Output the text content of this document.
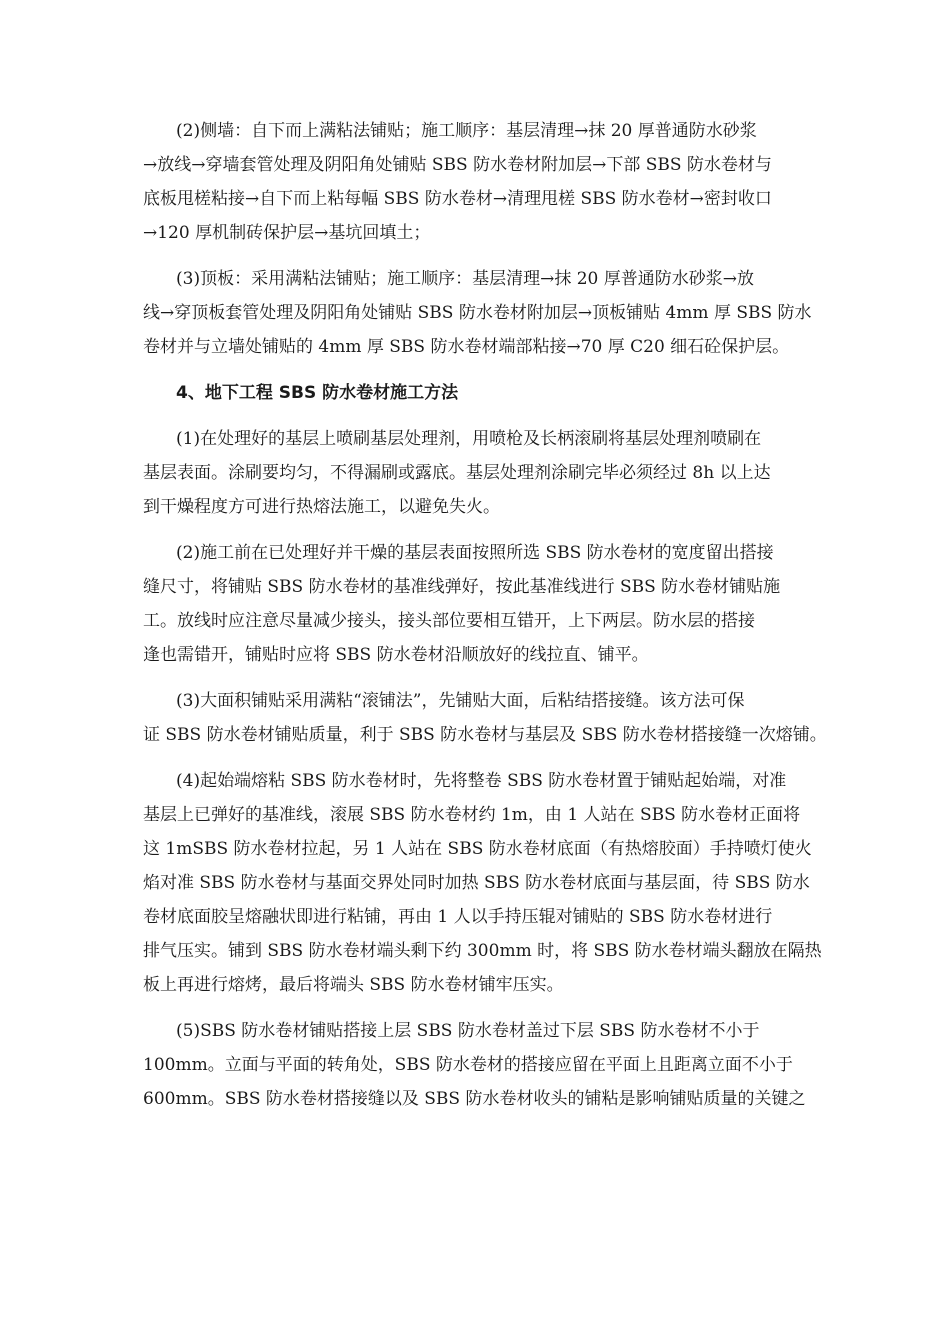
(2)侧墙：自下而上满粘法铺贴；施工顺序：基层清理→抹 20 厚普通防水砂浆
→放线→穿墙套管处理及阴阳角处铺贴 SBS 防水卷材附加层→下部 SBS 防水卷材与
底板甩槎粘接→自下而上粘每幅 SBS 防水卷材→清理甩槎 SBS 防水卷材→密封收口
→120 厚机制砖保护层→基坑回填土；
(3)顶板：采用满粘法铺贴；施工顺序：基层清理→抹 20 厚普通防水砂浆→放
线→穿顶板套管处理及阴阳角处铺贴 SBS 防水卷材附加层→顶板铺贴 4mm 厚 SBS 防水
卷材并与立墙处铺贴的 4mm 厚 SBS 防水卷材端部粘接→70 厚 C20 细石砼保护层。
4、地下工程 SBS 防水卷材施工方法
(1)在处理好的基层上喷刷基层处理剂，用喷枪及长柄滚刷将基层处理剂喷刷在
基层表面。涂刷要均匀，不得漏刷或露底。基层处理剂涂刷完毕必须经过 8h 以上达
到干燥程度方可进行热熔法施工，以避免失火。
(2)施工前在已处理好并干燥的基层表面按照所选 SBS 防水卷材的宽度留出搭接
缝尺寸，将铺贴 SBS 防水卷材的基准线弹好，按此基准线进行 SBS 防水卷材铺贴施
工。放线时应注意尽量减少接头，接头部位要相互错开，上下两层。防水层的搭接
逢也需错开，铺贴时应将 SBS 防水卷材沿顺放好的线拉直、铺平。
(3)大面积铺贴采用满粘“滚铺法”，先铺贴大面，后粘结搭接缝。该方法可保
证 SBS 防水卷材铺贴质量，利于 SBS 防水卷材与基层及 SBS 防水卷材搭接缝一次熔铺。
(4)起始端熔粘 SBS 防水卷材时，先将整卷 SBS 防水卷材置于铺贴起始端，对准
基层上已弹好的基准线，滚展 SBS 防水卷材约 1m，由 1 人站在 SBS 防水卷材正面将
这 1mSBS 防水卷材拉起，另 1 人站在 SBS 防水卷材底面（有热熔胶面）手持喷灯使火
焰对准 SBS 防水卷材与基面交界处同时加热 SBS 防水卷材底面与基层面，待 SBS 防水
卷材底面胶呈熔融状即进行粘铺，再由 1 人以手持压辊对铺贴的 SBS 防水卷材进行
排气压实。铺到 SBS 防水卷材端头剩下约 300mm 时，将 SBS 防水卷材端头翻放在隔热
板上再进行熔烤，最后将端头 SBS 防水卷材铺牢压实。
(5)SBS 防水卷材铺贴搭接上层 SBS 防水卷材盖过下层 SBS 防水卷材不小于
100mm。立面与平面的转角处，SBS 防水卷材的搭接应留在平面上且距离立面不小于
600mm。SBS 防水卷材搭接缝以及 SBS 防水卷材收头的铺粘是影响铺贴质量的关键之
